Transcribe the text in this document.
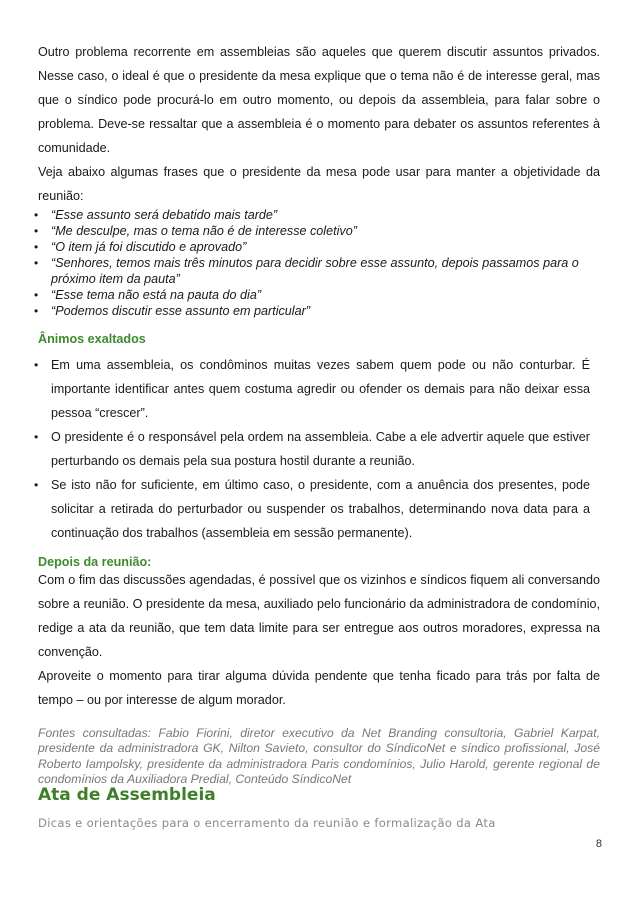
Outro problema recorrente em assembleias são aqueles que querem discutir assuntos privados. Nesse caso, o ideal é que o presidente da mesa explique que o tema não é de interesse geral, mas que o síndico pode procurá-lo em outro momento, ou depois da assembleia, para falar sobre o problema. Deve-se ressaltar que a assembleia é o momento para debater os assuntos referentes à comunidade.

Veja abaixo algumas frases que o presidente da mesa pode usar para manter a objetividade da reunião:

• “Esse assunto será debatido mais tarde”
• “Me desculpe, mas o tema não é de interesse coletivo”
• “O item já foi discutido e aprovado”
• “Senhores, temos mais três minutos para decidir sobre esse assunto, depois passamos para o próximo item da pauta”
• “Esse tema não está na pauta do dia”
• “Podemos discutir esse assunto em particular”

Ânimos exaltados

• Em uma assembleia, os condôminos muitas vezes sabem quem pode ou não conturbar. É importante identificar antes quem costuma agredir ou ofender os demais para não deixar essa pessoa “crescer”.
• O presidente é o responsável pela ordem na assembleia. Cabe a ele advertir aquele que estiver perturbando os demais pela sua postura hostil durante a reunião.
• Se isto não for suficiente, em último caso, o presidente, com a anuência dos presentes, pode solicitar a retirada do perturbador ou suspender os trabalhos, determinando nova data para a continuação dos trabalhos (assembleia em sessão permanente).

Depois da reunião:

Com o fim das discussões agendadas, é possível que os vizinhos e síndicos fiquem ali conversando sobre a reunião. O presidente da mesa, auxiliado pelo funcionário da administradora de condomínio, redige a ata da reunião, que tem data limite para ser entregue aos outros moradores, expressa na convenção.

Aproveite o momento para tirar alguma dúvida pendente que tenha ficado para trás por falta de tempo – ou por interesse de algum morador.

Fontes consultadas: Fabio Fiorini, diretor executivo da Net Branding consultoria, Gabriel Karpat, presidente da administradora GK, Nilton Savieto, consultor do SíndicoNet e síndico profissional, José Roberto Iampolsky, presidente da administradora Paris condomínios, Julio Harold, gerente regional de condomínios da Auxiliadora Predial, Conteúdo SíndicoNet

Ata de Assembleia

Dicas e orientações para o encerramento da reunião e formalização da Ata

8
